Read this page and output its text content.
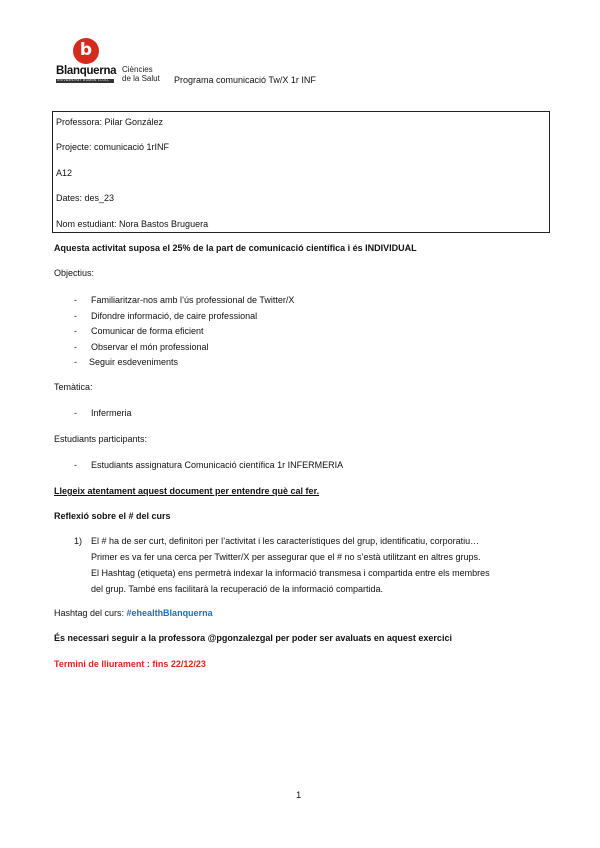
b
Blanquerna
UNIVERSITAT RAMON LLULL
Ciències
de la Salut Programa comunicació Tw/X 1r INF
Professora: Pilar González
Projecte: comunicació 1rINF
A12
Dates: des_23
Nom estudiant: Nora Bastos Bruguera
Aquesta activitat suposa el 25% de la part de comunicació científica i és INDIVIDUAL
Objectius:
- Familiaritzar-nos amb l’ús professional de Twitter/X
- Difondre informació, de caire professional
- Comunicar de forma eficient
- Observar el món professional
- Seguir esdeveniments
Temàtica:
- Infermeria
Estudiants participants:
- Estudiants assignatura Comunicació científica 1r INFERMERIA
Llegeix atentament aquest document per entendre què cal fer.
Reflexió sobre el # del curs
1) El # ha de ser curt, definitori per l’activitat i les característiques del grup, identificatiu, corporatiu…
Primer es va fer una cerca per Twitter/X per assegurar que el # no s’està utilitzant en altres grups.
El Hashtag (etiqueta) ens permetrà indexar la informació transmesa i compartida entre els membres
del grup. També ens facilitarà la recuperació de la informació compartida.
Hashtag del curs: #ehealthBlanquerna
És necessari seguir a la professora @pgonzalezgal per poder ser avaluats en aquest exercici
Termini de lliurament : fins 22/12/23
1
